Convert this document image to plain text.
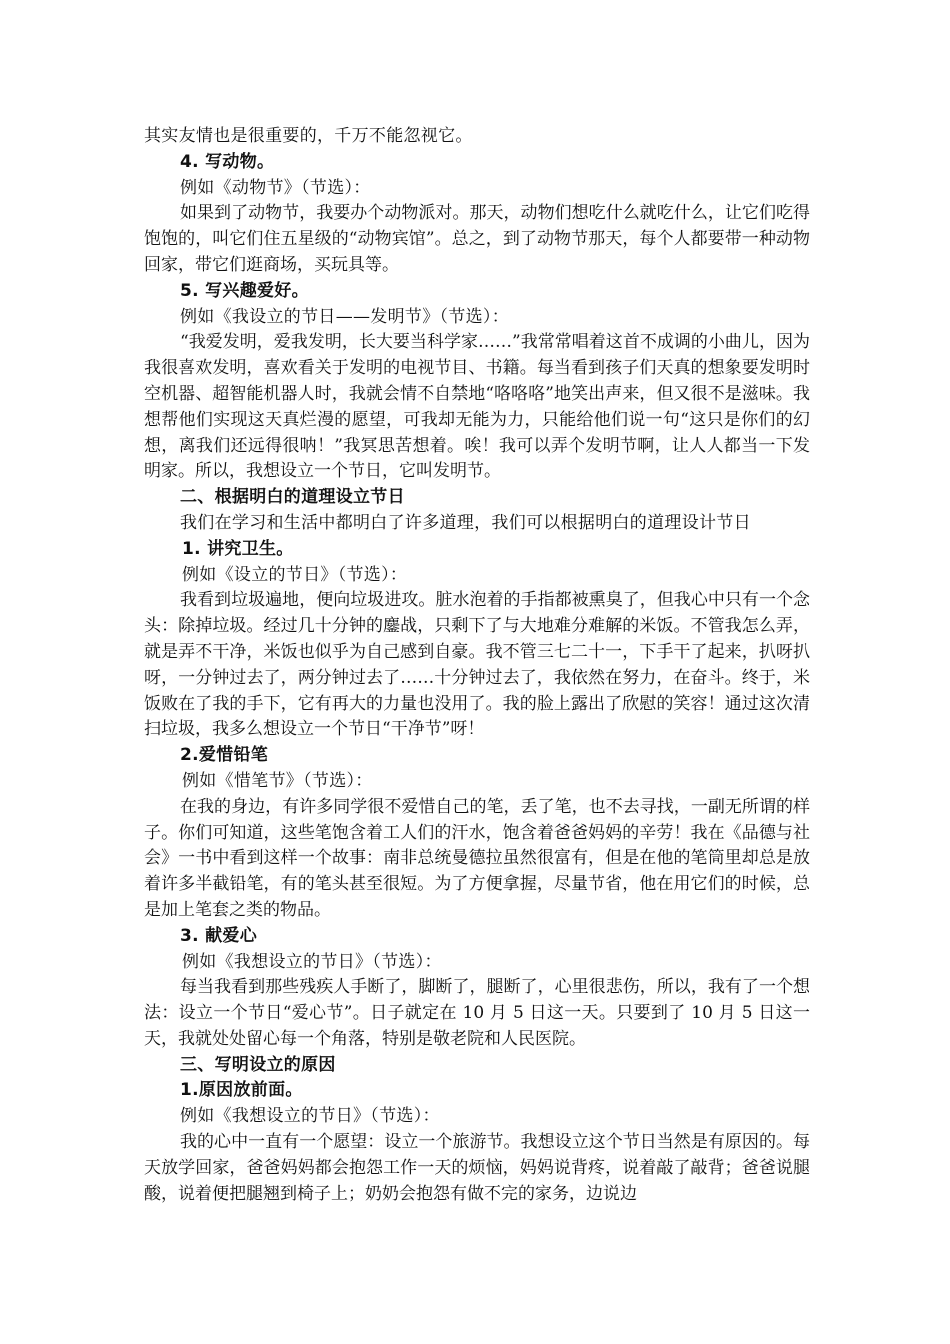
其实友情也是很重要的，千万不能忽视它。
4. 写动物。
例如《动物节》（节选）：

如果到了动物节，我要办个动物派对。那天，动物们想吃什么就吃什么，让它们吃得饱饱的，叫它们住五星级的“动物宾馆”。总之，到了动物节那天，每个人都要带一种动物回家，带它们逛商场，买玩具等。

5. 写兴趣爱好。
例如《我设立的节日——发明节》（节选）：

“我爱发明，爱我发明，长大要当科学家……”我常常唱着这首不成调的小曲儿，因为我很喜欢发明，喜欢看关于发明的电视节目、书籍。每当看到孩子们天真的想象要发明时空机器、超智能机器人时，我就会情不自禁地“咯咯咯”地笑出声来，但又很不是滋味。我想帮他们实现这天真烂漫的愿望，可我却无能为力，只能给他们说一句“这只是你们的幻想，离我们还远得很呐！”我冥思苦想着。唉！我可以弄个发明节啊，让人人都当一下发明家。所以，我想设立一个节日，它叫发明节。

二、根据明白的道理设立节日
我们在学习和生活中都明白了许多道理，我们可以根据明白的道理设计节日
1. 讲究卫生。
例如《设立的节日》（节选）：

我看到垃圾遍地，便向垃圾进攻。脏水泡着的手指都被熏臭了，但我心中只有一个念头：除掉垃圾。经过几十分钟的鏖战，只剩下了与大地难分难解的米饭。不管我怎么弄，就是弄不干净，米饭也似乎为自己感到自豪。我不管三七二十一，下手干了起来，扒呀扒呀，一分钟过去了，两分钟过去了……十分钟过去了，我依然在努力，在奋斗。终于，米饭败在了我的手下，它有再大的力量也没用了。我的脸上露出了欣慰的笑容！通过这次清扫垃圾，我多么想设立一个节日“干净节”呀！

2.爱惜铅笔
例如《惜笔节》（节选）：

在我的身边，有许多同学很不爱惜自己的笔，丢了笔，也不去寻找，一副无所谓的样子。你们可知道，这些笔饱含着工人们的汗水，饱含着爸爸妈妈的辛劳！我在《品德与社会》一书中看到这样一个故事：南非总统曼德拉虽然很富有，但是在他的笔筒里却总是放着许多半截铅笔，有的笔头甚至很短。为了方便拿握，尽量节省，他在用它们的时候，总是加上笔套之类的物品。

3. 献爱心
例如《我想设立的节日》（节选）：

每当我看到那些残疾人手断了，脚断了，腿断了，心里很悲伤，所以，我有了一个想法：设立一个节日“爱心节”。日子就定在 10 月 5 日这一天。只要到了 10 月 5 日这一天，我就处处留心每一个角落，特别是敬老院和人民医院。

三、写明设立的原因
1.原因放前面。
例如《我想设立的节日》（节选）：

我的心中一直有一个愿望：设立一个旅游节。我想设立这个节日当然是有原因的。每天放学回家，爸爸妈妈都会抱怨工作一天的烦恼，妈妈说背疼，说着敲了敲背；爸爸说腿酸，说着便把腿翘到椅子上；奶奶会抱怨有做不完的家务，边说边
